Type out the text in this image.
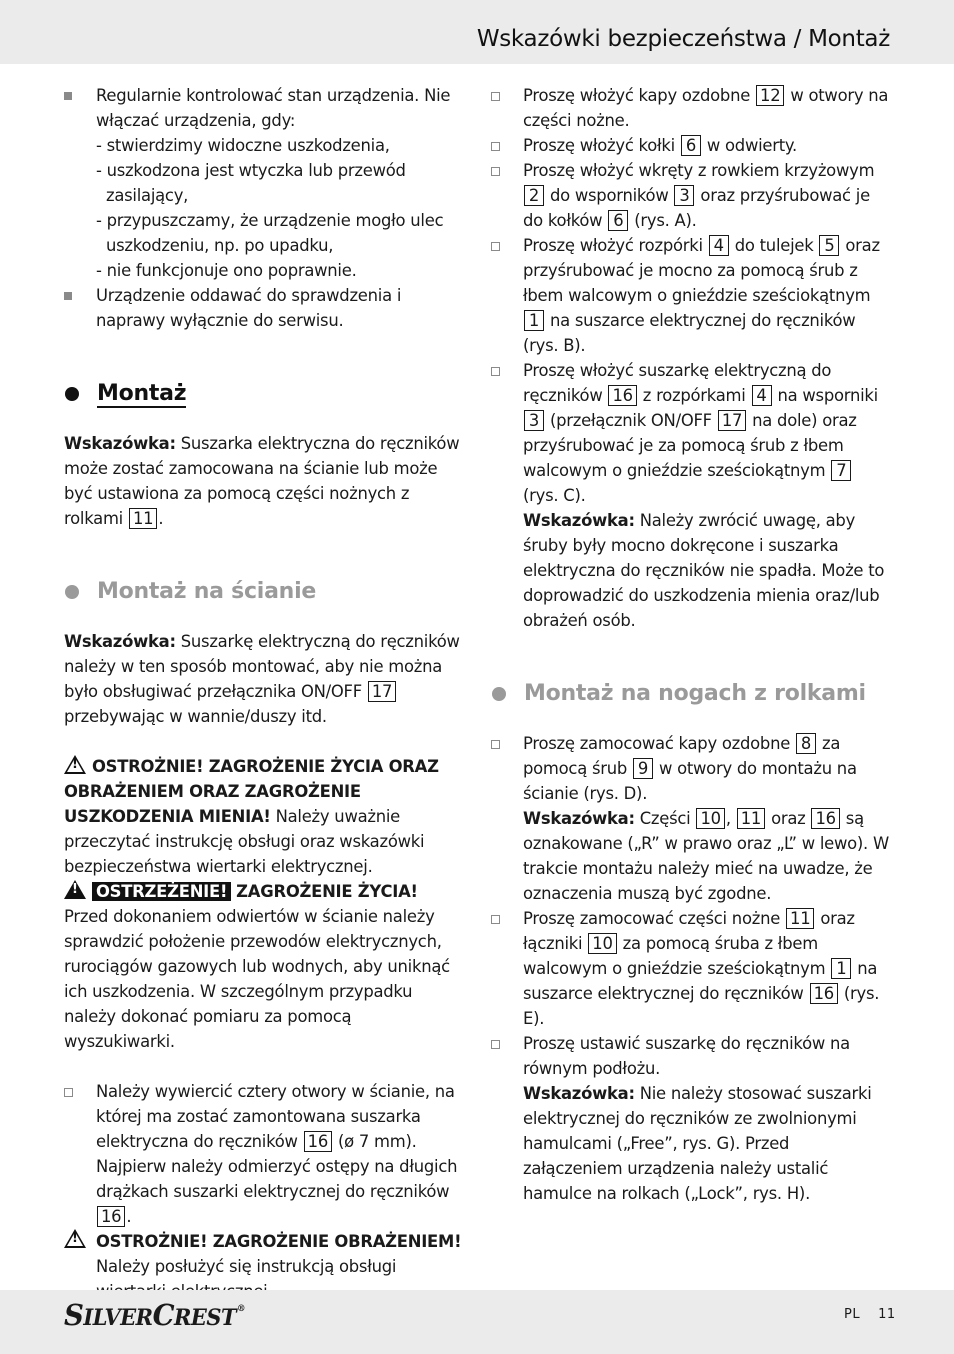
Wskazówki bezpieczeństwa / Montaż

Regularnie kontrolować stan urządzenia. Nie włączać urządzenia, gdy:

- stwierdzimy widoczne uszkodzenia,
- uszkodzona jest wtyczka lub przewód zasilający,
- przypuszczamy, że urządzenie mogło ulec uszkodzeniu, np. po upadku,
- nie funkcjonuje ono poprawnie.

Urządzenie oddawać do sprawdzenia i naprawy wyłącznie do serwisu.

Montaż

Wskazówka: Suszarka elektryczna do ręczników może zostać zamocowana na ścianie lub może być ustawiona za pomocą części nożnych z rolkami 11 .

Montaż na ścianie

Wskazówka: Suszarkę elektryczną do ręczników należy w ten sposób montować, aby nie można było obsługiwać przełącznika ON/OFF 17 przebywając w wannie/duszy itd.

!OSTROŻNIE! ZAGROŻENIE ŻYCIA ORAZ OBRAŻENIEM ORAZ ZAGROŻENIE USZKODZENIA MIENIA! Należy uważnie przeczytać instrukcję obsługi oraz wskazówki bezpieczeństwa wiertarki elektrycznej.

!OSTRZEŻENIE! ZAGROŻENIE ŻYCIA! Przed dokonaniem odwiertów w ścianie należy sprawdzić położenie przewodów elektrycznych, rurociągów gazowych lub wodnych, aby uniknąć ich uszkodzenia. W szczególnym przypadku należy dokonać pomiaru za pomocą wyszukiwarki.

Należy wywiercić cztery otwory w ścianie, na której ma zostać zamontowana suszarka elektryczna do ręczników 16 (ø 7 mm). Najpierw należy odmierzyć ostępy na długich drążkach suszarki elektrycznej do ręczników 16 .

!

OSTROŻNIE! ZAGROŻENIE OBRAŻENIEM! Należy posłużyć się instrukcją obsługi

Proszę włożyć kapy ozdobne 12 w otwory na części nożne.

Proszę włożyć kołki 6 w odwierty.

Proszę włożyć wkręty z rowkiem krzyżowym 2 do wsporników 3 oraz przyśrubować je do kołków 6 (rys. A).

Proszę włożyć rozpórki 4 do tulejek 5 oraz przyśrubować je mocno za pomocą śrub z łbem walcowym o gnieździe sześciokątnym 1 na suszarce elektrycznej do ręczników (rys. B).

Proszę włożyć suszarkę elektryczną do ręczników 16 z rozpórkami 4 na wsporniki 3 (przełącznik ON/OFF 17 na dole) oraz przyśrubować je za pomocą śrub z łbem walcowym o gnieździe sześciokątnym 7 (rys. C).

Wskazówka: Należy zwrócić uwagę, aby śruby były mocno dokręcone i suszarka elektryczna do ręczników nie spadła. Może to doprowadzić do uszkodzenia mienia oraz/lub obrażeń osób.

Montaż na nogach z rolkami

Proszę zamocować kapy ozdobne 8 za pomocą śrub 9 w otwory do montażu na ścianie (rys. D).

Wskazówka: Części 10 , 11 oraz 16 są oznakowane („R” w prawo oraz „L” w lewo). W trakcie montażu należy mieć na uwadze, że oznaczenia muszą być zgodne.

Proszę zamocować części nożne 11 oraz łączniki 10 za pomocą śruba z łbem walcowym o gnieździe sześciokątnym 1 na suszarce elektrycznej do ręczników 16 (rys. E).

Proszę ustawić suszarkę do ręczników na równym podłożu.

Wskazówka: Nie należy stosować suszarki elektrycznej do ręczników ze zwolnionymi hamulcami („Free”, rys. G). Przed załączeniem urządzenia należy ustalić hamulce na rolkach („Lock”, rys. H).

SILVERCREST®	PL 11
